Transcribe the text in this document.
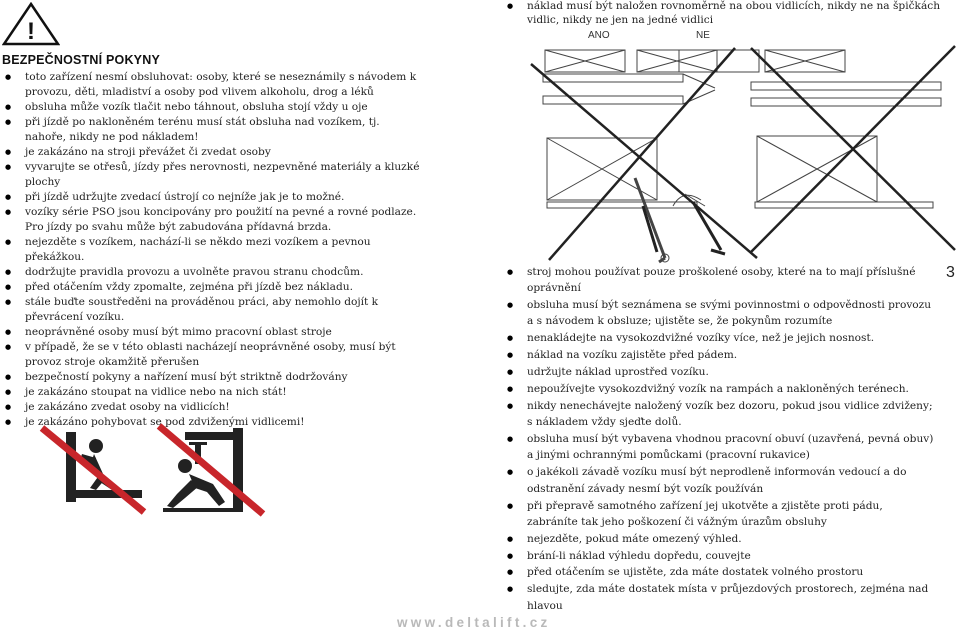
!
BEZPEČNOSTNÍ POKYNY
● toto zařízení nesmí obsluhovat: osoby, které se neseznámily s návodem k provozu, děti, mladiství a osoby pod vlivem alkoholu, drog a léků
● obsluha může vozík tlačit nebo táhnout, obsluha stojí vždy u oje
● při jízdě po nakloněném terénu musí stát obsluha nad vozíkem, tj. nahoře, nikdy ne pod nákladem!
● je zakázáno na stroji převážet či zvedat osoby
● vyvarujte se otřesů, jízdy přes nerovnosti, nezpevněné materiály a kluzké plochy
● při jízdě udržujte zvedací ústrojí co nejníže jak je to možné.
● vozíky série PSO jsou koncipovány pro použití na pevné a rovné podlaze. Pro jízdy po svahu může být zabudována přídavná brzda.
● nejezděte s vozíkem, nachází-li se někdo mezi vozíkem a pevnou překážkou.
● dodržujte pravidla provozu a uvolněte pravou stranu chodcům.
● před otáčením vždy zpomalte, zejména při jízdě bez nákladu.
● stále buďte soustředěni na prováděnou práci, aby nemohlo dojít k převrácení vozíku.
● neoprávněné osoby musí být mimo pracovní oblast stroje
● v případě, že se v této oblasti nacházejí neoprávněné osoby, musí být provoz stroje okamžitě přerušen
● bezpečností pokyny a nařízení musí být striktně dodržovány
● je zakázáno stoupat na vidlice nebo na nich stát!
● je zakázáno zvedat osoby na vidlicích!
● je zakázáno pohybovat se pod zdviženými vidlicemi!
● náklad musí být naložen rovnoměrně na obou vidlicích, nikdy ne na špičkách vidlic, nikdy ne jen na jedné vidlici
ANO	NE
● stroj mohou používat pouze proškolené osoby, které na to mají příslušné oprávnění
● obsluha musí být seznámena se svými povinnostmi o odpovědnosti provozu a s návodem k obsluze; ujistěte se, že pokynům rozumíte
● nenakládejte na vysokozdvižné vozíky více, než je jejich nosnost.
● náklad na vozíku zajistěte před pádem.
● udržujte náklad uprostřed vozíku.
● nepoužívejte vysokozdvižný vozík na rampách a nakloněných terénech.
● nikdy nenechávejte naložený vozík bez dozoru, pokud jsou vidlice zdviženy; s nákladem vždy sjeďte dolů.
● obsluha musí být vybavena vhodnou pracovní obuví (uzavřená, pevná obuv) a jinými ochrannými pomůckami (pracovní rukavice)
● o jakékoli závadě vozíku musí být neprodleně informován vedoucí a do odstranění závady nesmí být vozík používán
● při přepravě samotného zařízení jej ukotvěte a zjistěte proti pádu, zabráníte tak jeho poškození či vážným úrazům obsluhy
● nejezděte, pokud máte omezený výhled.
● brání-li náklad výhledu dopředu, couvejte
● před otáčením se ujistěte, zda máte dostatek volného prostoru
● sledujte, zda máte dostatek místa v průjezdových prostorech, zejména nad hlavou
3
www.deltalift.cz
